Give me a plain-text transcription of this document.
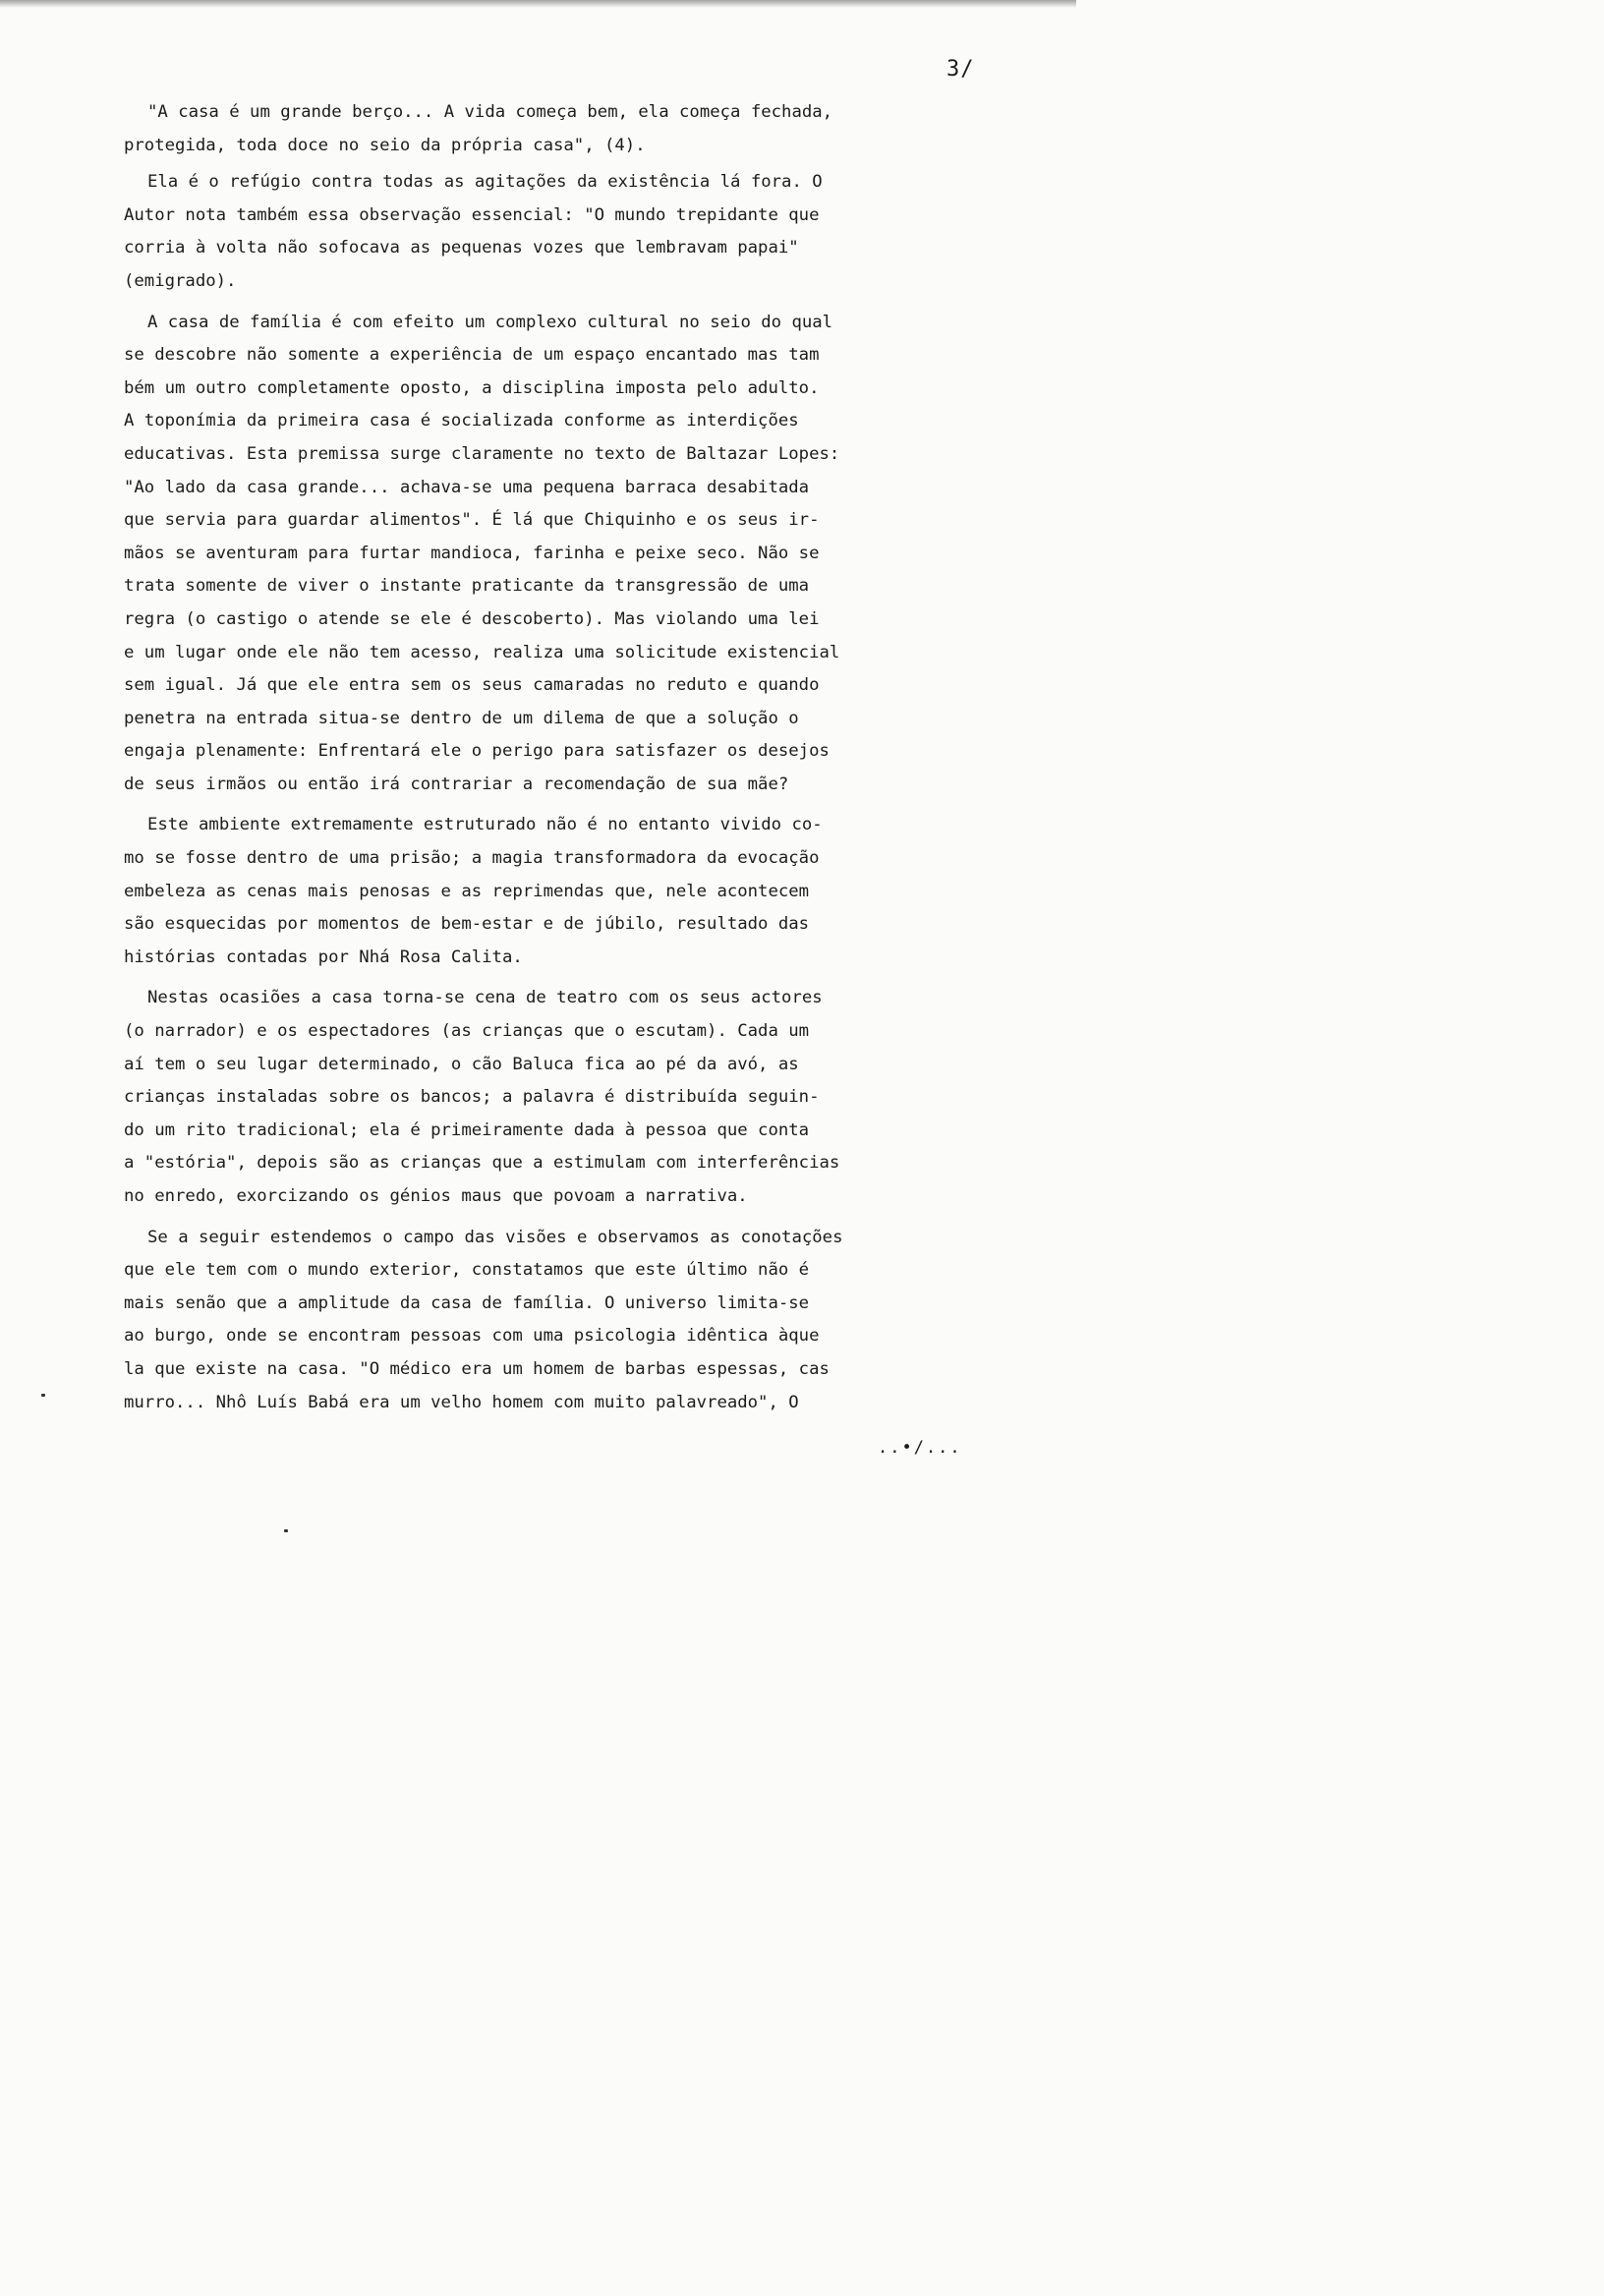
3/
"A casa é um grande berço... A vida começa bem, ela começa fechada,
protegida, toda doce no seio da própria casa", (4).
Ela é o refúgio contra todas as agitações da existência lá fora. O
Autor nota também essa observação essencial: "O mundo trepidante que
corria à volta não sofocava as pequenas vozes que lembravam papai"
(emigrado).
A casa de família é com efeito um complexo cultural no seio do qual
se descobre não somente a experiência de um espaço encantado mas tam
bém um outro completamente oposto, a disciplina imposta pelo adulto.
A toponímia da primeira casa é socializada conforme as interdições
educativas. Esta premissa surge claramente no texto de Baltazar Lopes:
"Ao lado da casa grande... achava-se uma pequena barraca desabitada
que servia para guardar alimentos". É lá que Chiquinho e os seus ir-
mãos se aventuram para furtar mandioca, farinha e peixe seco. Não se
trata somente de viver o instante praticante da transgressão de uma
regra (o castigo o atende se ele é descoberto). Mas violando uma lei
e um lugar onde ele não tem acesso, realiza uma solicitude existencial
sem igual. Já que ele entra sem os seus camaradas no reduto e quando
penetra na entrada situa-se dentro de um dilema de que a solução o
engaja plenamente: Enfrentará ele o perigo para satisfazer os desejos
de seus irmãos ou então irá contrariar a recomendação de sua mãe?
Este ambiente extremamente estruturado não é no entanto vivido co-
mo se fosse dentro de uma prisão; a magia transformadora da evocação
embeleza as cenas mais penosas e as reprimendas que, nele acontecem
são esquecidas por momentos de bem-estar e de júbilo, resultado das
histórias contadas por Nhá Rosa Calita.
Nestas ocasiões a casa torna-se cena de teatro com os seus actores
(o narrador) e os espectadores (as crianças que o escutam). Cada um
aí tem o seu lugar determinado, o cão Baluca fica ao pé da avó, as
crianças instaladas sobre os bancos; a palavra é distribuída seguin-
do um rito tradicional; ela é primeiramente dada à pessoa que conta
a "estória", depois são as crianças que a estimulam com interferências
no enredo, exorcizando os génios maus que povoam a narrativa.
Se a seguir estendemos o campo das visões e observamos as conotações
que ele tem com o mundo exterior, constatamos que este último não é
mais senão que a amplitude da casa de família. O universo limita-se
ao burgo, onde se encontram pessoas com uma psicologia idêntica àque
la que existe na casa. "O médico era um homem de barbas espessas, cas
murro... Nhô Luís Babá era um velho homem com muito palavreado", O
..•/...
